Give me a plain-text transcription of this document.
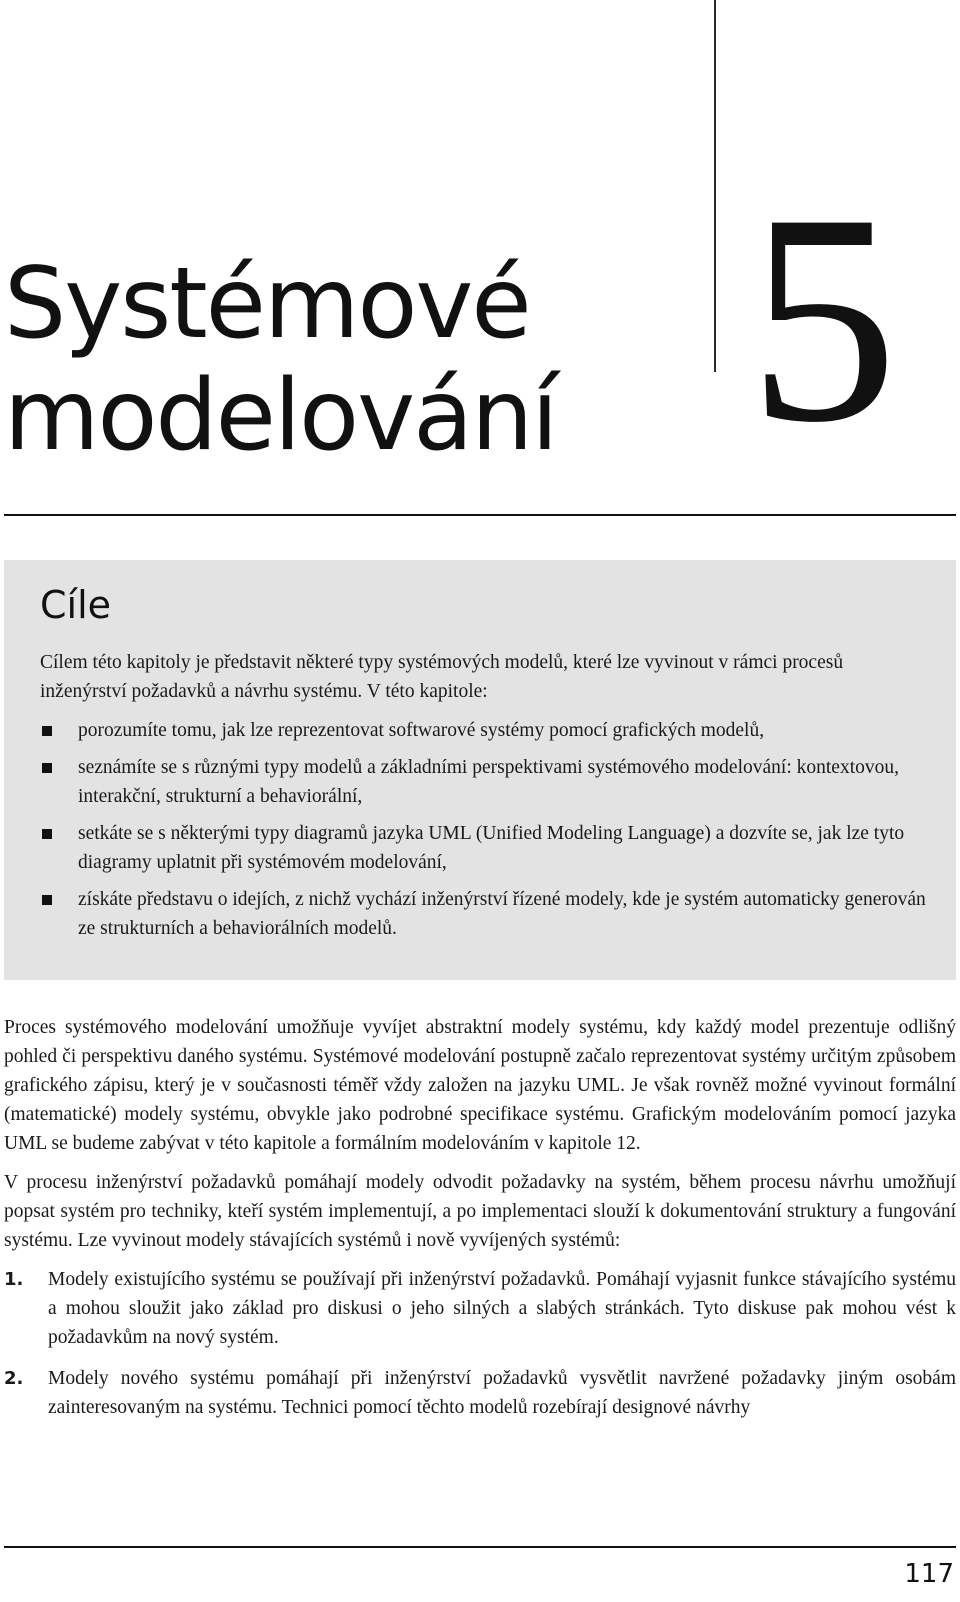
Systémové
modelování 5
Cíle

Cílem této kapitoly je představit některé typy systémových modelů, které lze vyvinout v rámci procesů inženýrství požadavků a návrhu systému. V této kapitole:

porozumíte tomu, jak lze reprezentovat softwarové systémy pomocí grafických modelů,
seznámíte se s různými typy modelů a základními perspektivami systémového modelování: kontextovou, interakční, strukturní a behaviorální,
setkáte se s některými typy diagramů jazyka UML (Unified Modeling Language) a dozvíte se, jak lze tyto diagramy uplatnit při systémovém modelování,
získáte představu o idejích, z nichž vychází inženýrství řízené modely, kde je systém automaticky generován ze strukturních a behaviorálních modelů.

Proces systémového modelování umožňuje vyvíjet abstraktní modely systému, kdy každý model prezentuje odlišný pohled či perspektivu daného systému. Systémové modelování postupně začalo reprezentovat systémy určitým způsobem grafického zápisu, který je v současnosti téměř vždy založen na jazyku UML. Je však rovněž možné vyvinout formální (matematické) modely systému, obvykle jako podrobné specifikace systému. Grafickým modelováním pomocí jazyka UML se budeme zabývat v této kapitole a formálním modelováním v kapitole 12.

V procesu inženýrství požadavků pomáhají modely odvodit požadavky na systém, během procesu návrhu umožňují popsat systém pro techniky, kteří systém implementují, a po implementaci slouží k dokumentování struktury a fungování systému. Lze vyvinout modely stávajících systémů i nově vyvíjených systémů:

1. Modely existujícího systému se používají při inženýrství požadavků. Pomáhají vyjasnit funkce stávajícího systému a mohou sloužit jako základ pro diskusi o jeho silných a slabých stránkách. Tyto diskuse pak mohou vést k požadavkům na nový systém.
2. Modely nového systému pomáhají při inženýrství požadavků vysvětlit navržené požadavky jiným osobám zainteresovaným na systému. Technici pomocí těchto modelů rozebírají designové návrhy
117
